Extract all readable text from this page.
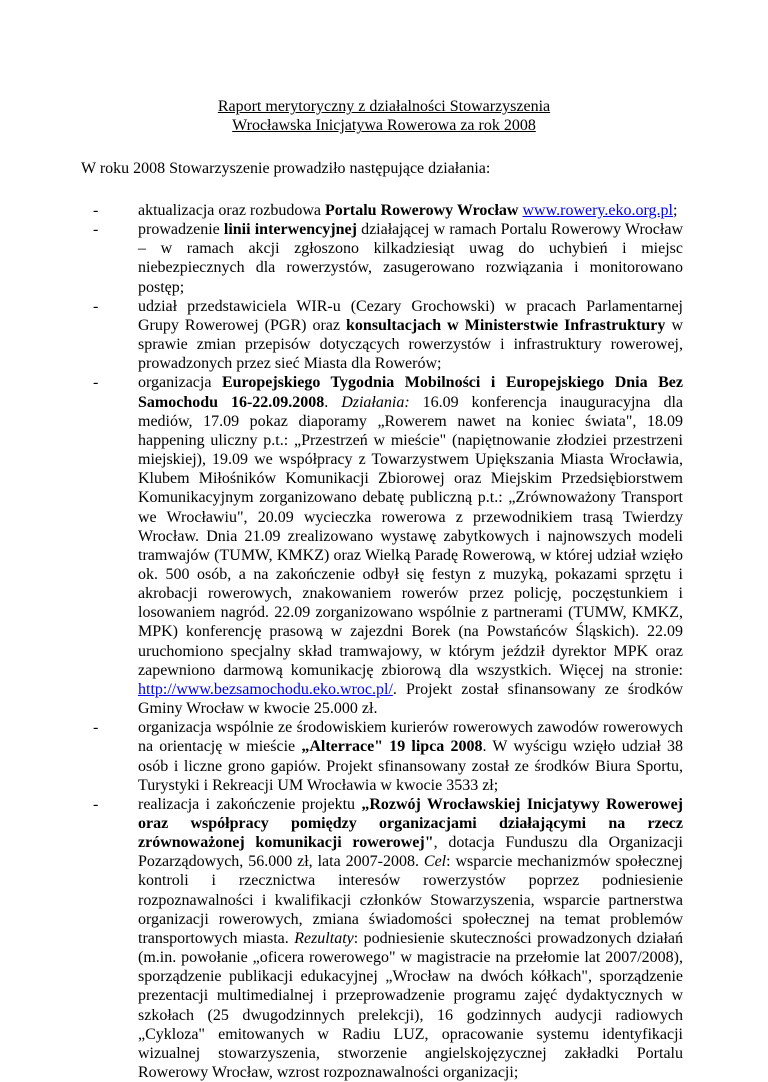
Raport merytoryczny z działalności Stowarzyszenia
Wrocławska Inicjatywa Rowerowa za rok 2008
W roku 2008 Stowarzyszenie prowadziło następujące działania:
- aktualizacja oraz rozbudowa Portalu Rowerowy Wrocław www.rowery.eko.org.pl;
- prowadzenie linii interwencyjnej działającej w ramach Portalu Rowerowy Wrocław – w ramach akcji zgłoszono kilkadziesiąt uwag do uchybień i miejsc niebezpiecznych dla rowerzystów, zasugerowano rozwiązania i monitorowano postęp;
- udział przedstawiciela WIR-u (Cezary Grochowski) w pracach Parlamentarnej Grupy Rowerowej (PGR) oraz konsultacjach w Ministerstwie Infrastruktury w sprawie zmian przepisów dotyczących rowerzystów i infrastruktury rowerowej, prowadzonych przez sieć Miasta dla Rowerów;
- organizacja Europejskiego Tygodnia Mobilności i Europejskiego Dnia Bez Samochodu 16-22.09.2008. Działania: 16.09 konferencja inauguracyjna dla mediów, 17.09 pokaz diaporamy „Rowerem nawet na koniec świata", 18.09 happening uliczny p.t.: „Przestrzeń w mieście" (napiętnowanie złodziei przestrzeni miejskiej), 19.09 we współpracy z Towarzystwem Upiększania Miasta Wrocławia, Klubem Miłośników Komunikacji Zbiorowej oraz Miejskim Przedsiębiorstwem Komunikacyjnym zorganizowano debatę publiczną p.t.: „Zrównoważony Transport we Wrocławiu", 20.09 wycieczka rowerowa z przewodnikiem trasą Twierdzy Wrocław. Dnia 21.09 zrealizowano wystawę zabytkowych i najnowszych modeli tramwajów (TUMW, KMKZ) oraz Wielką Paradę Rowerową, w której udział wzięło ok. 500 osób, a na zakończenie odbył się festyn z muzyką, pokazami sprzętu i akrobacji rowerowych, znakowaniem rowerów przez policję, poczęstunkiem i losowaniem nagród. 22.09 zorganizowano wspólnie z partnerami (TUMW, KMKZ, MPK) konferencję prasową w zajezdni Borek (na Powstańców Śląskich). 22.09 uruchomiono specjalny skład tramwajowy, w którym jeździł dyrektor MPK oraz zapewniono darmową komunikację zbiorową dla wszystkich. Więcej na stronie: http://www.bezsamochodu.eko.wroc.pl/. Projekt został sfinansowany ze środków Gminy Wrocław w kwocie 25.000 zł.
- organizacja wspólnie ze środowiskiem kurierów rowerowych zawodów rowerowych na orientację w mieście „Alterrace" 19 lipca 2008. W wyścigu wzięło udział 38 osób i liczne grono gapiów. Projekt sfinansowany został ze środków Biura Sportu, Turystyki i Rekreacji UM Wrocławia w kwocie 3533 zł;
- realizacja i zakończenie projektu „Rozwój Wrocławskiej Inicjatywy Rowerowej oraz współpracy pomiędzy organizacjami działającymi na rzecz zrównoważonej komunikacji rowerowej", dotacja Funduszu dla Organizacji Pozarządowych, 56.000 zł, lata 2007-2008. Cel: wsparcie mechanizmów społecznej kontroli i rzecznictwa interesów rowerzystów poprzez podniesienie rozpoznawalności i kwalifikacji członków Stowarzyszenia, wsparcie partnerstwa organizacji rowerowych, zmiana świadomości społecznej na temat problemów transportowych miasta. Rezultaty: podniesienie skuteczności prowadzonych działań (m.in. powołanie „oficera rowerowego" w magistracie na przełomie lat 2007/2008), sporządzenie publikacji edukacyjnej „Wrocław na dwóch kółkach", sporządzenie prezentacji multimedialnej i przeprowadzenie programu zajęć dydaktycznych w szkołach (25 dwugodzinnych prelekcji), 16 godzinnych audycji radiowych „Cykloza" emitowanych w Radiu LUZ, opracowanie systemu identyfikacji wizualnej stowarzyszenia, stworzenie angielskojęzycznej zakładki Portalu Rowerowy Wrocław, wzrost rozpoznawalności organizacji;
